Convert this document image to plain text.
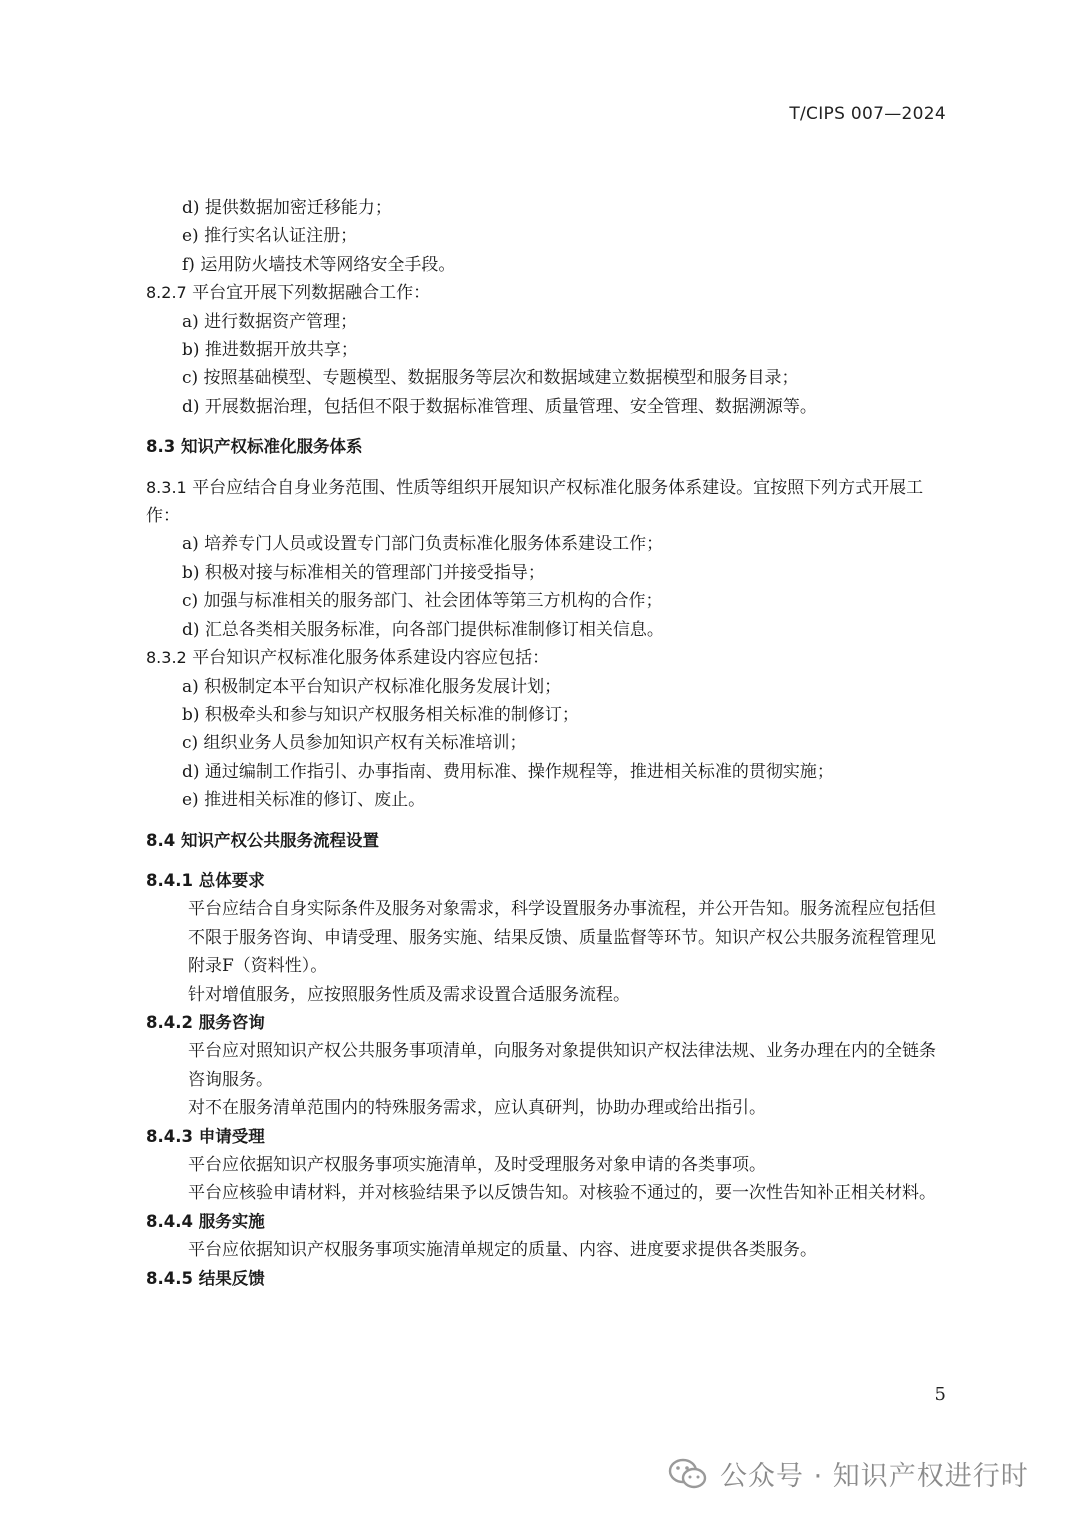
T/CIPS 007—2024
d) 提供数据加密迁移能力；
e) 推行实名认证注册；
f) 运用防火墙技术等网络安全手段。
8.2.7 平台宜开展下列数据融合工作：
a) 进行数据资产管理；
b) 推进数据开放共享；
c) 按照基础模型、专题模型、数据服务等层次和数据域建立数据模型和服务目录；
d) 开展数据治理，包括但不限于数据标准管理、质量管理、安全管理、数据溯源等。
8.3 知识产权标准化服务体系
8.3.1 平台应结合自身业务范围、性质等组织开展知识产权标准化服务体系建设。宜按照下列方式开展工作：
a) 培养专门人员或设置专门部门负责标准化服务体系建设工作；
b) 积极对接与标准相关的管理部门并接受指导；
c) 加强与标准相关的服务部门、社会团体等第三方机构的合作；
d) 汇总各类相关服务标准，向各部门提供标准制修订相关信息。
8.3.2 平台知识产权标准化服务体系建设内容应包括：
a) 积极制定本平台知识产权标准化服务发展计划；
b) 积极牵头和参与知识产权服务相关标准的制修订；
c) 组织业务人员参加知识产权有关标准培训；
d) 通过编制工作指引、办事指南、费用标准、操作规程等，推进相关标准的贯彻实施；
e) 推进相关标准的修订、废止。
8.4 知识产权公共服务流程设置
8.4.1 总体要求
平台应结合自身实际条件及服务对象需求，科学设置服务办事流程，并公开告知。服务流程应包括但不限于服务咨询、申请受理、服务实施、结果反馈、质量监督等环节。知识产权公共服务流程管理见附录F（资料性）。
针对增值服务，应按照服务性质及需求设置合适服务流程。
8.4.2 服务咨询
平台应对照知识产权公共服务事项清单，向服务对象提供知识产权法律法规、业务办理在内的全链条咨询服务。
对不在服务清单范围内的特殊服务需求，应认真研判，协助办理或给出指引。
8.4.3 申请受理
平台应依据知识产权服务事项实施清单，及时受理服务对象申请的各类事项。
平台应核验申请材料，并对核验结果予以反馈告知。对核验不通过的，要一次性告知补正相关材料。
8.4.4 服务实施
平台应依据知识产权服务事项实施清单规定的质量、内容、进度要求提供各类服务。
8.4.5 结果反馈
5
公众号 · 知识产权进行时
